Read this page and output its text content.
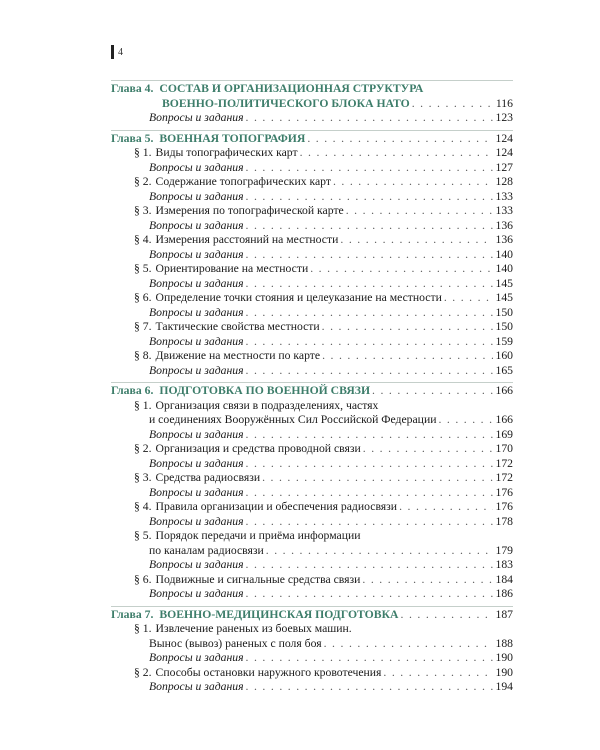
4
Глава 4. СОСТАВ И ОРГАНИЗАЦИОННАЯ СТРУКТУРА
ВОЕННО-ПОЛИТИЧЕСКОГО БЛОКА НАТО . . .	116
Вопросы и задания . . .	123
Глава 5. ВОЕННАЯ ТОПОГРАФИЯ . . .	124
§ 1. Виды топографических карт . . .	124
Вопросы и задания . . .	127
§ 2. Содержание топографических карт . . .	128
Вопросы и задания . . .	133
§ 3. Измерения по топографической карте . . .	133
Вопросы и задания . . .	136
§ 4. Измерения расстояний на местности . . .	136
Вопросы и задания . . .	140
§ 5. Ориентирование на местности . . .	140
Вопросы и задания . . .	145
§ 6. Определение точки стояния и целеуказание на местности . . .	145
Вопросы и задания . . .	150
§ 7. Тактические свойства местности . . .	150
Вопросы и задания . . .	159
§ 8. Движение на местности по карте . . .	160
Вопросы и задания . . .	165
Глава 6. ПОДГОТОВКА ПО ВОЕННОЙ СВЯЗИ . . .	166
§ 1. Организация связи в подразделениях, частях
и соединениях Вооружённых Сил Российской Федерации . . .	166
Вопросы и задания . . .	169
§ 2. Организация и средства проводной связи . . .	170
Вопросы и задания . . .	172
§ 3. Средства радиосвязи . . .	172
Вопросы и задания . . .	176
§ 4. Правила организации и обеспечения радиосвязи . . .	176
Вопросы и задания . . .	178
§ 5. Порядок передачи и приёма информации
по каналам радиосвязи . . .	179
Вопросы и задания . . .	183
§ 6. Подвижные и сигнальные средства связи . . .	184
Вопросы и задания . . .	186
Глава 7. ВОЕННО-МЕДИЦИНСКАЯ ПОДГОТОВКА . . .	187
§ 1. Извлечение раненых из боевых машин.
Вынос (вывоз) раненых с поля боя . . .	188
Вопросы и задания . . .	190
§ 2. Способы остановки наружного кровотечения . . .	190
Вопросы и задания . . .	194
